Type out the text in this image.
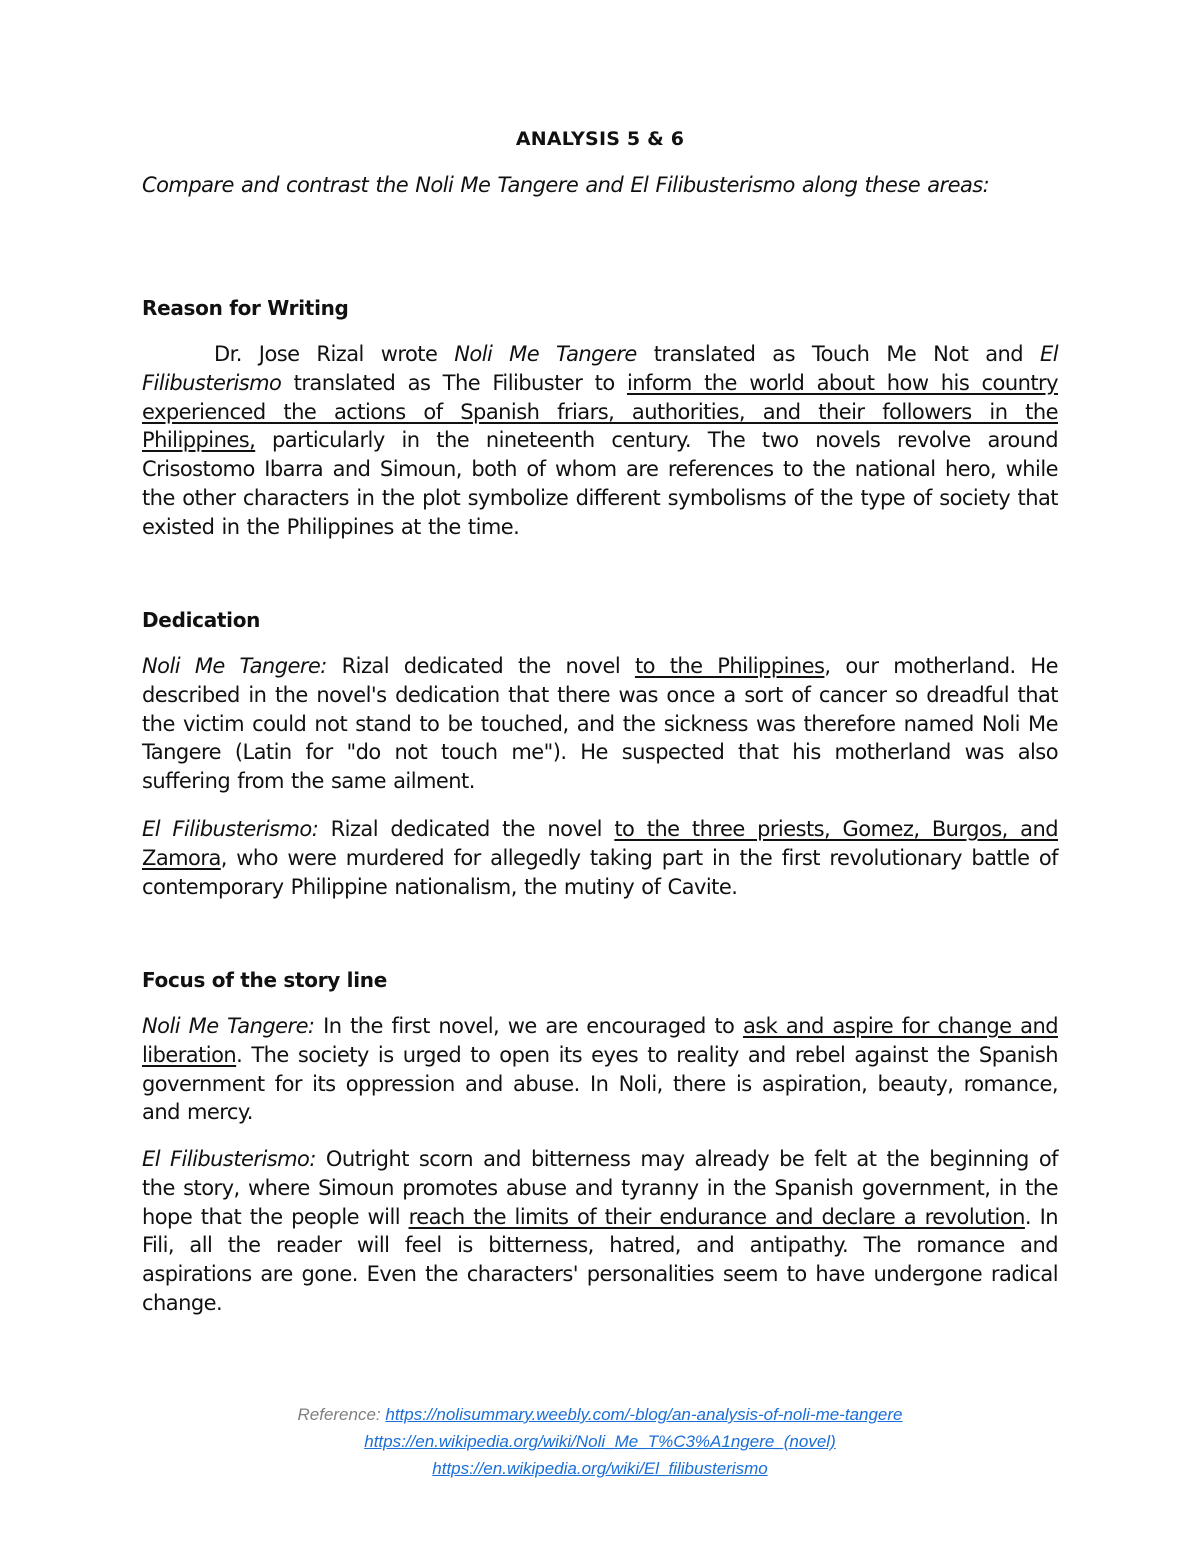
ANALYSIS 5 & 6
Compare and contrast the Noli Me Tangere and El Filibusterismo along these areas:
Reason for Writing
Dr. Jose Rizal wrote Noli Me Tangere translated as Touch Me Not and El Filibusterismo translated as The Filibuster to inform the world about how his country experienced the actions of Spanish friars, authorities, and their followers in the Philippines, particularly in the nineteenth century. The two novels revolve around Crisostomo Ibarra and Simoun, both of whom are references to the national hero, while the other characters in the plot symbolize different symbolisms of the type of society that existed in the Philippines at the time.
Dedication
Noli Me Tangere: Rizal dedicated the novel to the Philippines, our motherland. He described in the novel's dedication that there was once a sort of cancer so dreadful that the victim could not stand to be touched, and the sickness was therefore named Noli Me Tangere (Latin for "do not touch me"). He suspected that his motherland was also suffering from the same ailment.
El Filibusterismo: Rizal dedicated the novel to the three priests, Gomez, Burgos, and Zamora, who were murdered for allegedly taking part in the first revolutionary battle of contemporary Philippine nationalism, the mutiny of Cavite.
Focus of the story line
Noli Me Tangere: In the first novel, we are encouraged to ask and aspire for change and liberation. The society is urged to open its eyes to reality and rebel against the Spanish government for its oppression and abuse. In Noli, there is aspiration, beauty, romance, and mercy.
El Filibusterismo: Outright scorn and bitterness may already be felt at the beginning of the story, where Simoun promotes abuse and tyranny in the Spanish government, in the hope that the people will reach the limits of their endurance and declare a revolution. In Fili, all the reader will feel is bitterness, hatred, and antipathy. The romance and aspirations are gone. Even the characters' personalities seem to have undergone radical change.
Reference: https://nolisummary.weebly.com/-blog/an-analysis-of-noli-me-tangere
https://en.wikipedia.org/wiki/Noli_Me_T%C3%A1ngere_(novel)
https://en.wikipedia.org/wiki/El_filibusterismo
